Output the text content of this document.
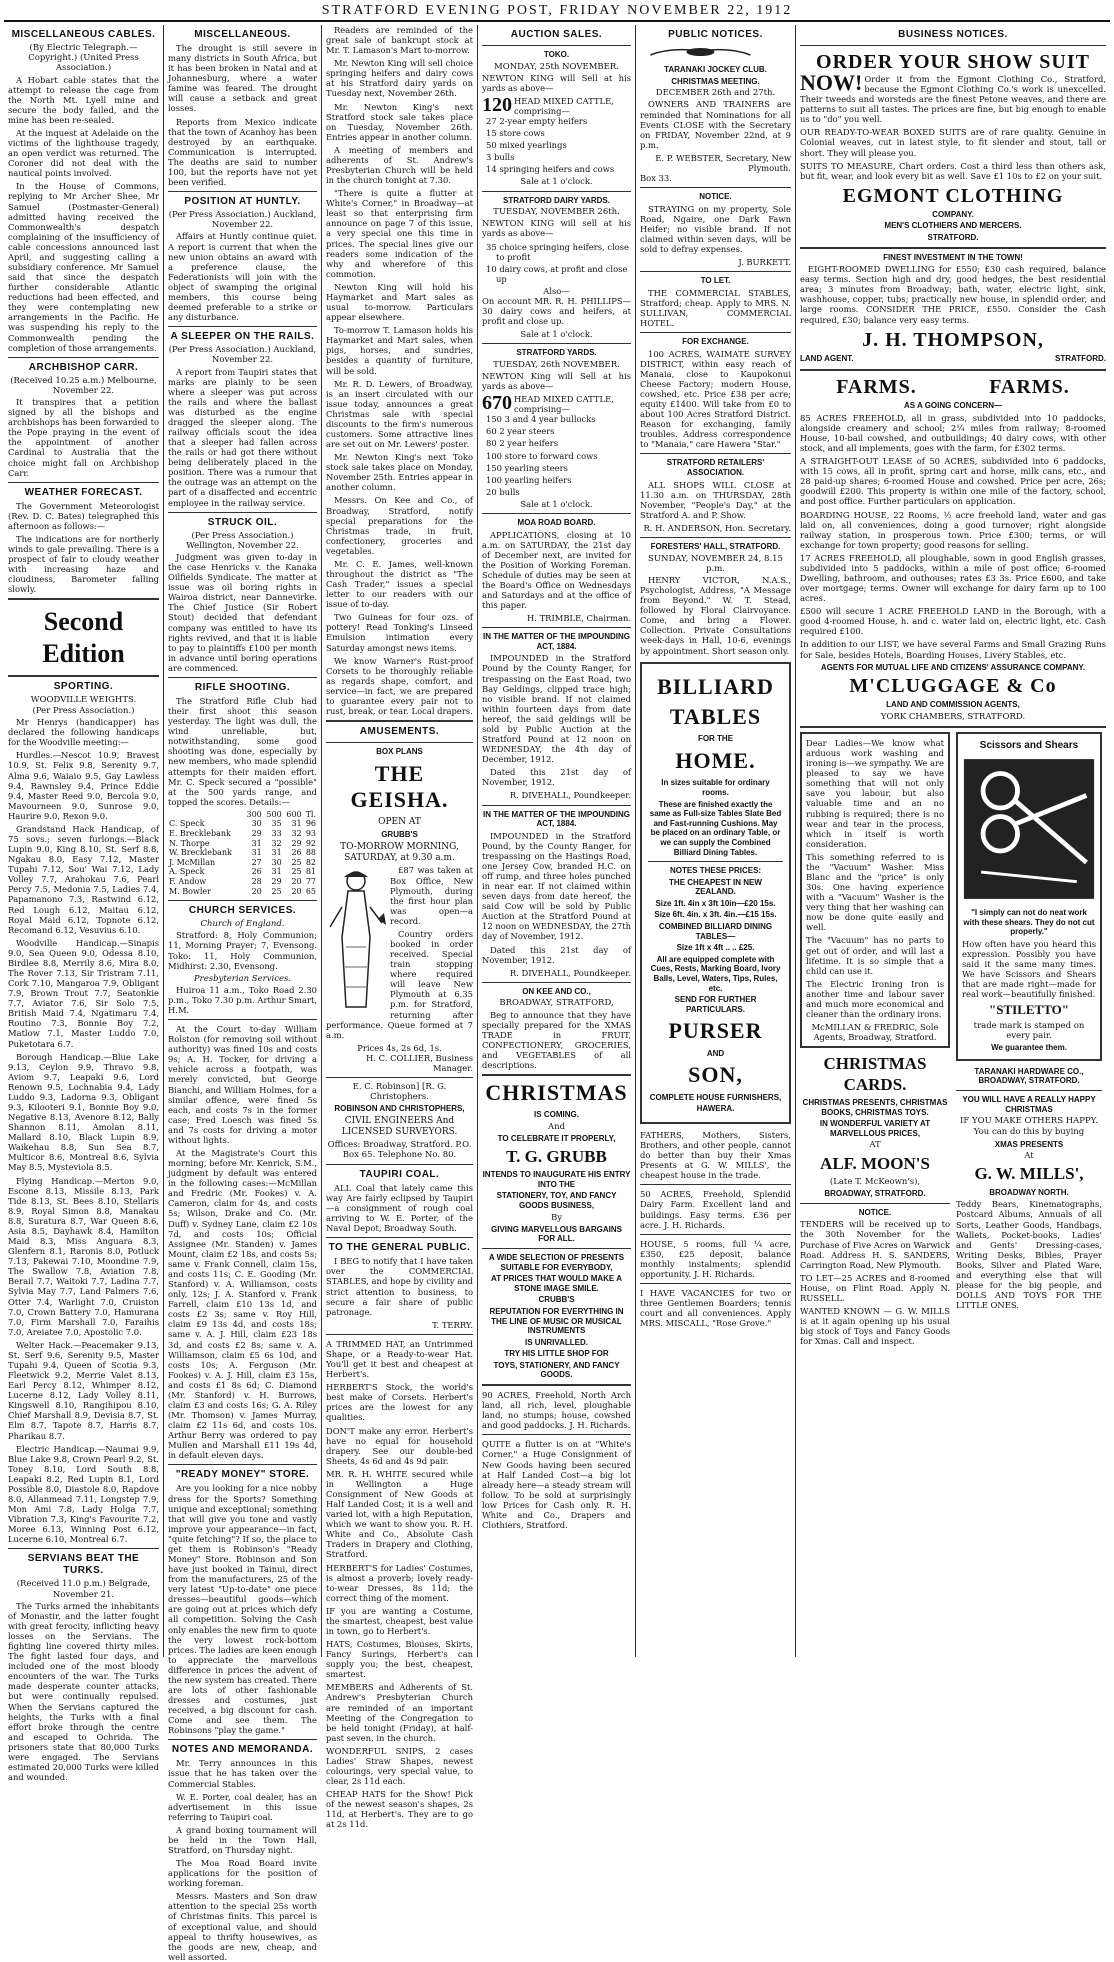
STRATFORD EVENING POST, FRIDAY NOVEMBER 22, 1912
MISCELLANEOUS CABLES.
(By Electric Telegraph.—Copyright.) (United Press Association.)

A Hobart cable states that the attempt to release the cage from the North Mt. Lyell mine and secure the body failed, and the mine has been re-sealed.

At the inquest at Adelaide on the victims of the lighthouse tragedy, an open verdict was returned. The Coroner did not deal with the nautical points involved.

In the House of Commons, replying to Mr Archer Shee, Mr Samuel (Postmaster-General) admitted having received the Commonwealth's despatch complaining of the insufficiency of cable concessions announced last April, and suggesting calling a subsidiary conference. Mr Samuel said that since the despatch further considerable Atlantic reductions had been effected, and they were contemplating new arrangements in the Pacific. He was suspending his reply to the Commonwealth pending the completion of those arrangements.

ARCHBISHOP CARR.
(Received 10.25 a.m.) Melbourne, November 22.

It transpires that a petition signed by all the bishops and archbishops has been forwarded to the Pope praying in the event of the appointment of another Cardinal to Australia that the choice might fall on Archbishop Carr.

WEATHER FORECAST.

The Government Meteorologist (Rev. D. C. Bates) telegraphed this afternoon as follows:—

The indications are for northerly winds to gale prevailing. There is a prospect of fair to cloudy weather with increasing haze and cloudiness, Barometer falling slowly.

Second Edition
SPORTING.
WOODVILLE WEIGHTS.
(Per Press Association.)

Mr Henrys (handicapper) has declared the following handicaps for the Woodville meeting:—

Hurdles.—Nescot 10.9, Bravest 10.9, St. Felix 9.8, Serenity 9.7, Alma 9.6, Waiaio 9.5, Gay Lawless 9.4, Rawnsley 9.4, Prince Eddie 9.4, Master Reed 9.0, Bercola 9.0, Mavourneen 9.0, Sunrose 9.0, Haurire 9.0, Rexon 9.0.

Grandstand Hack Handicap, of 75 sovs.; seven furlongs.—Black Lupin 9.0, King 8.10, St. Serf 8.8, Ngakau 8.0, Easy 7.12, Master Tupahi 7.12, Sou' Wai 7.12, Lady Volley 7.7, Arahokau 7.6, Pearl Percy 7.5, Medonia 7.5, Ladies 7.4, Papamanono 7.3, Rastwind 6.12, Red Lough 6.12, Maitau 6.12, Royal Maid 6.12, Topnote 6.12, Recomand 6.12, Vesuvius 6.10.

Woodville Handicap.—Sinapis 9.0, Sea Queen 9.0, Odessa 8.10, Birdlee 8.8, Merrily 8.6, Mira 8.0, The Rover 7.13, Sir Tristram 7.11, Cork 7.10, Mangaroa 7.9, Obligant 7.9, Brown Trout 7.7, Seatonkie 7.7, Aviator 7.6, Sir Solo 7.5, British Maid 7.4, Ngatimaru 7.4, Routino 7.3, Bonnie Boy 7.2, Matlow 7.1, Master Luddo 7.0, Puketotara 6.7.

Borough Handicap.—Blue Lake 9.13, Ceylon 9.9, Thravo 9.8, Aviom 9.7, Leapaki 9.6, Lord Renown 9.5, Lochnabia 9.4, Lady Luddo 9.3, Ladorna 9.3, Obligant 9.3, Kilooteri 9.1, Bonnie Boy 9.0, Negative 8.13, Avenore 8.12, Bally Shannon 8.11, Amolan 8.11, Mallard 8.10, Black Lupin 8.9, Waikehau 8.8, Sun Sea 8.7, Multicor 8.6, Montreal 8.6, Sylvia May 8.5, Mysteviola 8.5.

Flying Handicap.—Merton 9.0, Escone 8.13, Missile 8.13, Park Tide 8.13, St. Bees 8.10, Stellaris 8.9, Royal Simon 8.8, Manakau 8.8, Suratura 8.7, War Queen 8.6, Asia 8.5, Dayhawk 8.4, Hamilton Maid 8.3, Miss Anguara 8.3, Glenfern 8.1, Raronis 8.0, Potluck 7.13, Pakewai 7.10, Moondine 7.9, The Swallow 7.8, Aviation 7.8, Berail 7.7, Waitoki 7.7, Ladina 7.7, Sylvia May 7.7, Land Palmers 7.6, Otter 7.4, Warlight 7.0, Cruiston 7.0, Crown Battery 7.0, Hamurana 7.0, Firm Marshall 7.0, Faraihis 7.0, Areiatee 7.0, Apostolic 7.0.

Welter Hack.—Peacemaker 9.13, St. Serf 9.6, Serenity 9.5, Master Tupahi 9.4, Queen of Scotia 9.3, Fleetwick 9.2, Merrie Valet 8.13, Earl Percy 8.12, Whimper 8.12, Lucerne 8.12, Lady Volley 8.11, Kingswell 8.10, Rangihipou 8.10, Chief Marshall 8.9, Devisia 8.7, St. Elm 8.7, Tapote 8.7, Harris 8.7, Pharikau 8.7.

Electric Handicap.—Naumai 9.9, Blue Lake 9.8, Crown Pearl 9.2, St. Toney 8.10, Lord South 8.8, Leapaki 8.2, Red Lupin 8.1, Lord Possible 8.0, Diastole 8.0, Rapdove 8.0, Allanmead 7.11, Longstep 7.9, Mon Ami 7.8, Lady Holga 7.7, Vibration 7.3, King's Favourite 7.2, Moree 6.13, Winning Post 6.12, Lucerne 6.10, Montreal 6.7.

SERVIANS BEAT THE TURKS.
(Received 11.0 p.m.) Belgrade, November 21.

The Turks armed the inhabitants of Monastir, and the latter fought with great ferocity, inflicting heavy losses on the Servians. The fighting line covered thirty miles. The fight lasted four days, and included one of the most bloody encounters of the war. The Turks made desperate counter attacks, but were continually repulsed. When the Servians captured the heights, the Turks with a final effort broke through the centre and escaped to Ochrida. The prisoners state that 80,000 Turks were engaged. The Servians estimated 20,000 Turks were killed and wounded.

MISCELLANEOUS.

The drought is still severe in many districts in South Africa, but it has been broken in Natal and at Johannesburg, where a water famine was feared. The drought will cause a setback and great losses.

Reports from Mexico indicate that the town of Acanhoy has been destroyed by an earthquake. Communication is interrupted. The deaths are said to number 100, but the reports have not yet been verified.

POSITION AT HUNTLY.
(Per Press Association.) Auckland, November 22.

Affairs at Huntly continue quiet. A report is current that when the new union obtains an award with a preference clause, the Federationists will join with the object of swamping the original members, this course being deemed preferable to a strike or any disturbance.

A SLEEPER ON THE RAILS.
(Per Press Association.) Auckland, November 22.

A report from Taupiri states that marks are plainly to be seen where a sleeper was put across the rails and where the ballast was disturbed as the engine dragged the sleeper along. The railway officials scout the idea that a sleeper had fallen across the rails or had got there without being deliberately placed in the position. There was a rumour that the outrage was an attempt on the part of a disaffected and eccentric employee in the railway service.

STRUCK OIL.
(Per Press Association.) Wellington, November 22.

Judgment was given to-day in the case Henricks v. the Kanaka Oilfields Syndicate. The matter at issue was oil boring rights in Wairoa district, near Dannevirke. The Chief Justice (Sir Robert Stout) decided that defendant company was entitled to have its rights revived, and that it is liable to pay to plaintiffs £100 per month in advance until boring operations are commenced.

RIFLE SHOOTING.

The Stratford Rifle Club had their first shoot this season yesterday. The light was dull, the wind unreliable, but, notwithstanding, some good shooting was done, especially by new members, who made splendid attempts for their maiden effort. Mr. C. Speck secured a "possible" at the 500 yards range, and topped the scores. Details:—

	300	500	600	Tl.
C. Speck	30	35	31	96
E. Brecklebank	29	33	32	93
N. Thorpe	31	32	29	92
W. Brecklebank	31	31	26	88
J. McMillan	27	30	25	82
A. Speck	26	31	25	81
F. Andow	28	29	20	77
M. Bowler	20	25	20	65
CHURCH SERVICES.
Church of England.

Stratford: 8, Holy Communion; 11, Morning Prayer; 7, Evensong. Toko: 11, Holy Communion, Midhirst: 2.30, Evensong.

Presbyterian Services.

Huiroa 11 a.m., Toko Road 2.30 p.m., Toko 7.30 p.m. Arthur Smart, H.M.

At the Court to-day William Rolston (for removing soil without authority) was fined 10s and costs 9s; A. H. Tocker, for driving a vehicle across a footpath, was merely convicted, but George Bianchi, and William Holmes, for a similar offence, were fined 5s each, and costs 7s in the former case; Fred Loesch was fined 5s and 7s costs for driving a motor without lights.

At the Magistrate's Court this morning, before Mr. Kenrick, S.M., judgment by default was entered in the following cases:—McMillan and Fredric (Mr. Fookes) v. A. Cameron, claim for 4s, and costs 5s; Wilson, Drake and Co. (Mr. Duff) v. Sydney Lane, claim £2 10s 7d, and costs 10s; Official Assignee (Mr. Standen) v. James Mount, claim £2 18s, and costs 5s; same v. Frank Connell, claim 15s, and costs 11s; C. E. Gooding (Mr. Stanford) v. A. Williamson, costs only, 12s; J. A. Stanford v. Frank Farrell, claim £10 13s 1d, and costs £2 3s; same v. Roy Hill, claim £9 13s 4d, and costs 18s; same v. A. J. Hill, claim £23 18s 3d, and costs £2 8s; same v. A. Williamson, claim £5 6s 10d, and costs 10s; A. Ferguson (Mr. Fookes) v. A. J. Hill, claim £3 15s, and costs £1 8s 6d; C. Diamond (Mr. Stanford) v. H. Burrows, claim £3 and costs 16s; G. A. Riley (Mr. Thomson) v. James Murray, claim £2 11s 6d, and costs 10s. Arthur Berry was ordered to pay Mullen and Marshall £11 19s 4d, in default eleven days.

"READY MONEY" STORE.

Are you looking for a nice nobby dress for the Sports? Something unique and exceptional; something that will give you tone and vastly improve your appearance—in fact, "quite fetching"? If so, the place to get them is Robinson's "Ready Money" Store. Robinson and Son have just booked in Tainui, direct from the manufacturers, 25 of the very latest "Up-to-date" one piece dresses—beautiful goods—which are going out at prices which defy all competition. Solving the Cash only enables the new firm to quote the very lowest rock-bottom prices. The ladies are keen enough to appreciate the marvellous difference in prices the advent of the new system has created. There are lots of other fashionable dresses and costumes, just received, a big discount for cash. Come and see them. The Robinsons "play the game."

NOTES AND MEMORANDA.

Mr. Terry announces in this issue that he has taken over the Commercial Stables.

W. E. Porter, coal dealer, has an advertisement in this issue referring to Taupiri coal.

A grand boxing tournament will be held in the Town Hall, Stratford, on Thursday night.

The Moa Road Board invite applications for the position of working foreman.

Messrs. Masters and Son draw attention to the special 25s worth of Christmas finits. This parcel is of exceptional value, and should appeal to thrifty housewives, as the goods are new, cheap, and well assorted.

Readers are reminded of the great sale of bankrupt stock at Mr. T. Lamason's Mart to-morrow.

Mr. Newton King will sell choice springing heifers and dairy cows at his Stratford dairy yards on Tuesday next, November 26th.

Mr. Newton King's next Stratford stock sale takes place on Tuesday, November 26th. Entries appear in another column.

A meeting of members and adherents of St. Andrew's Presbyterian Church will be held in the church tonight at 7.30.

"There is quite a flutter at White's Corner," in Broadway—at least so that enterprising firm announce on page 7 of this issue, a very special one this time in prices. The special lines give our readers some indication of the why and wherefore of this commotion.

Newton King will hold his Haymarket and Mart sales as usual to-morrow. Particulars appear elsewhere.

To-morrow T. Lamason holds his Haymarket and Mart sales, when pigs, horses, and sundries, besides a quantity of furniture, will be sold.

Mr. R. D. Lewers, of Broadway, is an insert circulated with our issue today, announces a great Christmas sale with special discounts to the firm's numerous customers. Some attractive lines are set out on Mr. Lewers' poster.

Mr. Newton King's next Toko stock sale takes place on Monday, November 25th. Entries appear in another column.

Messrs. On Kee and Co., of Broadway, Stratford, notify special preparations for the Christmas trade, in fruit, confectionery, groceries and vegetables.

Mr. C. E. James, well-known throughout the district as "The Cash Trader," issues a special letter to our readers with our issue of to-day.

Two Guineas for four ozs. of pottery! Read Tonking's Linseed Emulsion intimation every Saturday amongst news items.

We know Warner's Rust-proof Corsets to be thoroughly reliable as regards shape, comfort, and service—in fact, we are prepared to guarantee every pair not to rust, break, or tear. Local drapers.

AMUSEMENTS.
BOX PLANS
THE GEISHA.
OPEN AT
GRUBB'S
TO-MORROW MORNING, SATURDAY, at 9.30 a.m.

£87 was taken at Box Office, New Plymouth, during the first hour plan was open—a record.

Country orders booked in order received. Special train stopping where required will leave New Plymouth at 6.35 p.m. for Stratford, returning after performance. Queue formed at 7 a.m.

Prices 4s, 2s 6d, 1s.
H. C. COLLIER, Business Manager.
E. C. Robinson] [R. G. Christophers.
ROBINSON AND CHRISTOPHERS,
CIVIL ENGINEERS And LICENSED SURVEYORS.
Offices: Broadway, Stratford. P.O. Box 65. Telephone No. 80.
TAUPIRI COAL.

ALL Coal that lately came this way Are fairly eclipsed by Taupiri—a consignment of rough coal arriving to W. E. Porter, of the Naval Depot, Broadway South.

TO THE GENERAL PUBLIC.

I BEG to notify that I have taken over the COMMERCIAL STABLES, and hope by civility and strict attention to business, to secure a fair share of public patronage.

T. TERRY.

A TRIMMED HAT, an Untrimmed Shape, or a Ready-to-wear Hat. You'll get it best and cheapest at Herbert's.

HERBERT'S Stock, the world's best make of Corsets. Herbert's prices are the lowest for any qualities.

DON'T make any error. Herbert's have no equal for household drapery. See our double-bed Sheets, 4s 6d and 4s 9d pair.

MR. R. H. WHITE secured while in Wellington a Huge Consignment of New Goods at Half Landed Cost; it is a well and varied lot, with a high Reputation, which we want to show you. R. H. White and Co., Absolute Cash Traders in Drapery and Clothing, Stratford.

HERBERT'S for Ladies' Costumes, is almost a proverb; lovely ready-to-wear Dresses, 8s 11d; the correct thing of the moment.

IF you are wanting a Costume, the smartest, cheapest, best value in town, go to Herbert's.

HATS, Costumes, Blouses, Skirts, Fancy Surings, Herbert's can supply you; the best, cheapest, smartest.

MEMBERS and Adherents of St. Andrew's Presbyterian Church are reminded of an important Meeting of the Congregation to be held tonight (Friday), at half-past seven, in the church.

WONDERFUL SNIPS, 2 cases Ladies' Straw Shapes, newest colourings, very special value, to clear, 2s 11d each.

CHEAP HATS for the Show! Pick of the newest season's shapes, 2s 11d, at Herbert's. They are to go at 2s 11d.

AUCTION SALES.
TOKO.
MONDAY, 25th NOVEMBER.

NEWTON KING will Sell at his yards as above—

120 HEAD MIXED CATTLE, comprising—
27 2-year empty heifers
15 store cows
50 mixed yearlings
3 bulls
14 springing heifers and cows
Sale at 1 o'clock.
STRATFORD DAIRY YARDS.
TUESDAY, NOVEMBER 26th.

NEWTON KING will sell at his yards as above—

35 choice springing heifers, close to profit
10 dairy cows, at profit and close up
Also—

On account MR. R. H. PHILLIPS—30 dairy cows and heifers, at profit and close up.

Sale at 1 o'clock.
STRATFORD YARDS.
TUESDAY, 26th NOVEMBER.

NEWTON King will Sell at his yards as above—

670 HEAD MIXED CATTLE, comprising—
150 3 and 4 year bullocks
60 2 year steers
80 2 year heifers
100 store to forward cows
150 yearling steers
100 yearling heifers
20 bulls
Sale at 1 o'clock.
MOA ROAD BOARD.

APPLICATIONS, closing at 10 a.m. on SATURDAY, the 21st day of December next, are invited for the Position of Working Foreman. Schedule of duties may be seen at the Board's Office on Wednesdays and Saturdays and at the office of this paper.

H. TRIMBLE, Chairman.
IN THE MATTER OF THE IMPOUNDING ACT, 1884.

IMPOUNDED in the Stratford Pound by the County Ranger, for trespassing on the East Road, two Bay Geldings, clipped trace high; no visible brand. If not claimed within fourteen days from date hereof, the said geldings will be sold by Public Auction at the Stratford Pound at 12 noon on WEDNESDAY, the 4th day of December, 1912.

Dated this 21st day of November, 1912.

R. DIVEHALL, Poundkeeper.
IN THE MATTER OF THE IMPOUNDING ACT, 1884.

IMPOUNDED in the Stratford Pound, by the County Ranger, for trespassing on the Hastings Road, one Jersey Cow, branded H.C. on off rump, and three holes punched in near ear. If not claimed within seven days from date hereof, the said Cow will be sold by Public Auction at the Stratford Pound at 12 noon on WEDNESDAY, the 27th day of November, 1912.

Dated this 21st day of November, 1912.

R. DIVEHALL, Poundkeeper.
ON KEE AND CO.,
BROADWAY, STRATFORD,

Beg to announce that they have specially prepared for the XMAS TRADE in FRUIT, CONFECTIONERY, GROCERIES, and VEGETABLES of all descriptions.

CHRISTMAS
IS COMING.
And
TO CELEBRATE IT PROPERLY,
T. G. GRUBB
INTENDS TO INAUGURATE HIS ENTRY INTO THE
STATIONERY, TOY, AND FANCY GOODS BUSINESS,
By
GIVING MARVELLOUS BARGAINS FOR ALL.
A WIDE SELECTION OF PRESENTS SUITABLE FOR EVERYBODY,
AT PRICES THAT WOULD MAKE A STONE IMAGE SMILE.
CRUBB'S
REPUTATION FOR EVERYTHING IN THE LINE OF MUSIC OR MUSICAL INSTRUMENTS
IS UNRIVALLED.
TRY HIS LITTLE SHOP FOR
TOYS, STATIONERY, AND FANCY GOODS.

90 ACRES, Freehold, North Arch land, all rich, level, ploughable land, no stumps; house, cowshed and good paddocks. J. H. Richards.

QUITE a flutter is on at "White's Corner," a Huge Consignment of New Goods having been secured at Half Landed Cost—a big lot already here—a steady stream will follow. To be sold at surprisingly low Prices for Cash only. R. H. White and Co., Drapers and Clothiers, Stratford.

PUBLIC NOTICES.
TARANAKI JOCKEY CLUB.
CHRISTMAS MEETING.
DECEMBER 26th and 27th.

OWNERS AND TRAINERS are reminded that Nominations for all Events CLOSE with the Secretary on FRIDAY, November 22nd, at 9 p.m.

E. P. WEBSTER, Secretary, New Plymouth.
Box 33.
NOTICE.

STRAYING on my property, Sole Road, Ngaire, one Dark Fawn Heifer; no visible brand. If not claimed within seven days, will be sold to defray expenses.

J. BURKETT.
TO LET.

THE COMMERCIAL STABLES, Stratford; cheap. Apply to MRS. N. SULLIVAN, COMMERCIAL HOTEL.

FOR EXCHANGE.

100 ACRES, WAIMATE SURVEY DISTRICT, within easy reach of Manaia, close to Kaupokonui Cheese Factory; modern House, cowshed, etc. Price £38 per acre; equity £1400. Will take from £0 to about 100 Acres Stratford District. Reason for exchanging, family troubles. Address correspondence to "Manaia," care Hawera "Star."

STRATFORD RETAILERS' ASSOCIATION.

ALL SHOPS WILL CLOSE at 11.30 a.m. on THURSDAY, 28th November, "People's Day," at the Stratford A. and P. Show.

R. H. ANDERSON, Hon. Secretary.
FORESTERS' HALL, STRATFORD.
SUNDAY, NOVEMBER 24, 8.15 p.m.

HENRY VICTOR, N.A.S., Psychologist, Address, "A Message from Beyond." W. T. Stead, followed by Floral Clairvoyance. Come, and bring a Flower. Collection. Private Consultations week-days in Hall, 10-6, evenings by appointment. Short season only.

BILLIARD
TABLES
FOR THE
HOME.
In sizes suitable for ordinary rooms.
These are finished exactly the same as Full-size Tables Slate Bed and Fast-running Cushions. May be placed on an ordinary Table, or we can supply the Combined Billiard Dining Tables.
NOTES THESE PRICES:
THE CHEAPEST IN NEW ZEALAND.
Size 1ft. 4in x 3ft 10in—£20 15s.
Size 6ft. 4in. x 3ft. 4in.—£15 15s.
COMBINED BILLIARD DINING TABLES—
Size 1ft x 4ft .. .. £25.
All are equipped complete with Cues, Rests, Marking Board, Ivory Balls, Level, Waters, Tips, Rules, etc.
SEND FOR FURTHER PARTICULARS.
PURSER
AND
SON,
COMPLETE HOUSE FURNISHERS,
HAWERA.

FATHERS, Mothers, Sisters, Brothers, and other people, cannot do better than buy their Xmas Presents at G. W. MILLS', the cheapest house in the trade.

50 ACRES, Freehold, Splendid Dairy Farm. Excellent land and buildings. Easy terms. £36 per acre. J. H. Richards.

HOUSE, 5 rooms, full ¼ acre, £350, £25 deposit, balance monthly instalments; splendid opportunity. J. H. Richards.

I HAVE VACANCIES for two or three Gentlemen Boarders; tennis court and all conveniences. Apply MRS. MISCALL, "Rose Grove."

BUSINESS NOTICES.
ORDER YOUR SHOW SUIT

NOW! Order it from the Egmont Clothing Co., Stratford, because the Egmont Clothing Co.'s work is unexcelled. Their tweeds and worsteds are the finest Petone weaves, and there are patterns to suit all tastes. The prices are fine, but big enough to enable us to "do" you well.

OUR READY-TO-WEAR BOXED SUITS are of rare quality. Genuine in Colonial weaves, cut in latest style, to fit slender and stout, tall or short. They will please you.

SUITS TO MEASURE, Chart orders. Cost a third less than others ask, but fit, wear, and look every bit as well. Save £1 10s to £2 on your suit.

EGMONT CLOTHING
COMPANY.
MEN'S CLOTHIERS AND MERCERS.
STRATFORD.
FINEST INVESTMENT IN THE TOWN!

EIGHT-ROOMED DWELLING for £550; £30 cash required, balance easy terms. Section high and dry, good hedges, the best residential area; 3 minutes from Broadway; bath, water, electric light, sink, washhouse, copper, tubs; practically new house, in splendid order, and large rooms. CONSIDER THE PRICE, £550. Consider the Cash required, £30; balance very easy terms.

J. H. THOMPSON,
LAND AGENT.	STRATFORD.
FARMS.	FARMS.
AS A GOING CONCERN—

85 ACRES FREEHOLD, all in grass, subdivided into 10 paddocks, alongside creamery and school; 2¼ miles from railway; 8-roomed House, 10-bail cowshed, and outbuildings; 40 dairy cows, with other stock, and all implements, goes with the farm, for £302 terms.

A STRAIGHT-OUT LEASE of 50 ACRES, subdivided into 6 paddocks, with 15 cows, all in profit, spring cart and horse, milk cans, etc., and 28 paid-up shares; 6-roomed House and cowshed. Price per acre, 26s; goodwill £200. This property is within one mile of the factory, school, and post office. Further particulars on application.

BOARDING HOUSE, 22 Rooms, ½ acre freehold land, water and gas laid on, all conveniences, doing a good turnover; right alongside railway station, in prosperous town. Price £300; terms, or will exchange for town property; good reasons for selling.

17 ACRES FREEHOLD, all ploughable, sown in good English grasses, subdivided into 5 paddocks, within a mile of post office; 6-roomed Dwelling, bathroom, and outhouses; rates £3 3s. Price £600, and take over mortgage; terms. Owner will exchange for dairy farm up to 100 acres.

£500 will secure 1 ACRE FREEHOLD LAND in the Borough, with a good 4-roomed House, h. and c. water laid on, electric light, etc. Cash required £100.

In addition to our LIST, we have several Farms and Small Grazing Runs for Sale, besides Hotels, Boarding Houses, Livery Stables, etc.

AGENTS FOR MUTUAL LIFE AND CITIZENS' ASSURANCE COMPANY.
M'CLUGGAGE & Co
LAND AND COMMISSION AGENTS,
YORK CHAMBERS, STRATFORD.

Dear Ladies—We know what arduous work washing and ironing is—we sympathy. We are pleased to say we have something that will not only save you labour, but also valuable time and an no rubbing is required; there is no wear and tear in the process, which in itself is worth consideration.

This something referred to is the "Vacuum" Washer. Miss Blanc and the "price" is only 30s. One having experience with a "Vacuum" Washer is the very thing that her washing can now be done quite easily and well.

The "Vacuum" has no parts to get out of order, and will last a lifetime. It is so simple that a child can use it.

The Electric Ironing Iron is another time and labour saver and much more economical and cleaner than the ordinary irons.

McMILLAN & FREDRIC, Sole Agents, Broadway, Stratford.
CHRISTMAS CARDS.
CHRISTMAS PRESENTS, CHRISTMAS BOOKS, CHRISTMAS TOYS.
IN WONDERFUL VARIETY AT MARVELLOUS PRICES,
AT
ALF. MOON'S
(Late T. McKeown's),
BROADWAY, STRATFORD.
NOTICE.

TENDERS will be received up to the 30th November for the Purchase of Five Acres on Warwick Road. Address H. S. SANDERS, Carrington Road, New Plymouth.

TO LET—25 ACRES and 8-roomed House, on Flint Road. Apply N. RUSSELL.

WANTED KNOWN — G. W. MILLS is at it again opening up his usual big stock of Toys and Fancy Goods for Xmas. Call and inspect.

Scissors and Shears
"I simply can not do neat work with these shears. They do not cut properly."

How often have you heard this expression. Possibly you have said it the same many times. We have Scissors and Shears that are made right—made for real work—beautifully finished.

"STILETTO"
trade mark is stamped on every pair.
We guarantee them.
TARANAKI HARDWARE CO., BROADWAY, STRATFORD.
YOU WILL HAVE A REALLY HAPPY CHRISTMAS
IF YOU MAKE OTHERS HAPPY.
You can do this by buying
XMAS PRESENTS
At
G. W. MILLS',
BROADWAY NORTH.

Teddy Bears, Kinematographs, Postcard Albums, Annuals of all Sorts, Leather Goods, Handbags, Wallets, Pocket-books, Ladies' and Gents' Dressing-cases, Writing Desks, Bibles, Prayer Books, Silver and Plated Ware, and everything else that will please for the big people, and DOLLS AND TOYS FOR THE LITTLE ONES.
